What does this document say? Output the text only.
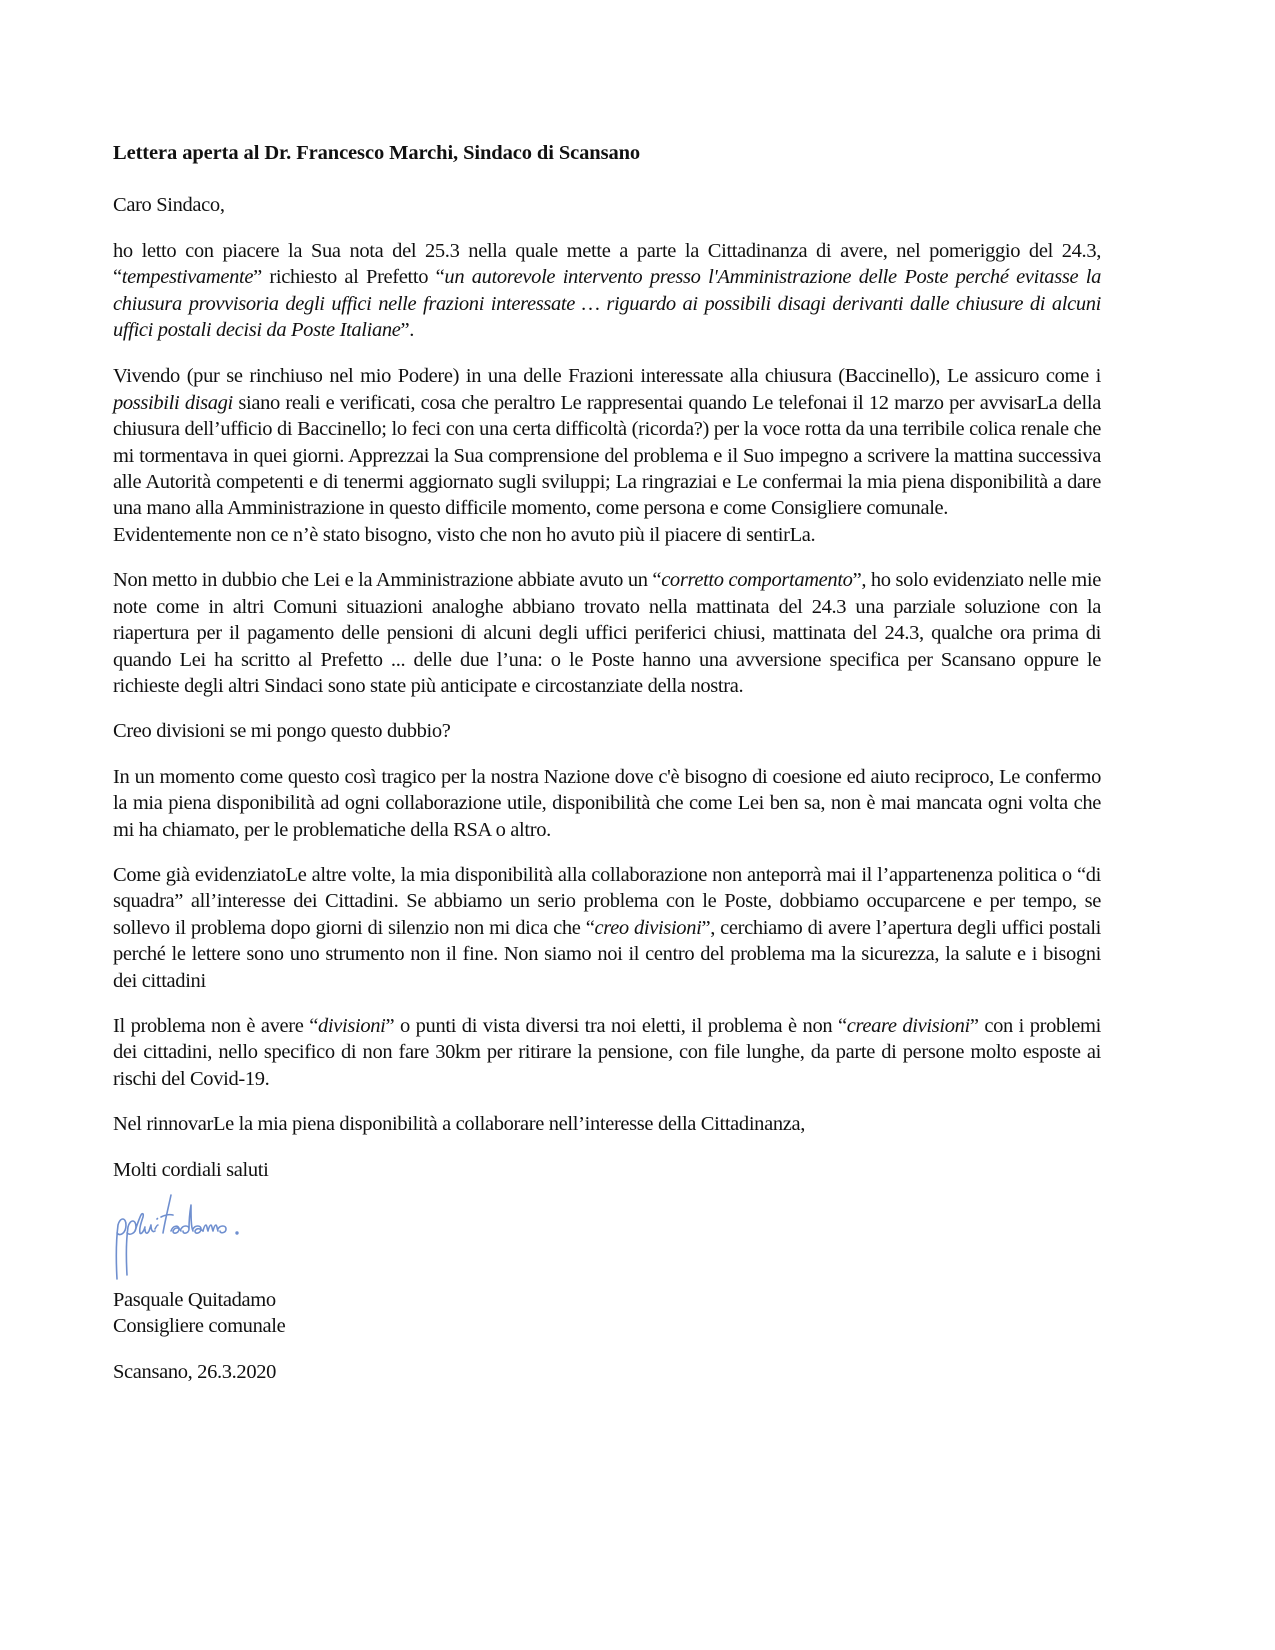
Lettera aperta al Dr. Francesco Marchi, Sindaco di Scansano

Caro Sindaco,

ho letto con piacere la Sua nota del 25.3 nella quale mette a parte la Cittadinanza di avere, nel pomeriggio del 24.3, “tempestivamente” richiesto al Prefetto “un autorevole intervento presso l'Amministrazione delle Poste perché evitasse la chiusura provvisoria degli uffici nelle frazioni interessate … riguardo ai possibili disagi derivanti dalle chiusure di alcuni uffici postali decisi da Poste Italiane”.

Vivendo (pur se rinchiuso nel mio Podere) in una delle Frazioni interessate alla chiusura (Baccinello), Le assicuro come i possibili disagi siano reali e verificati, cosa che peraltro Le rappresentai quando Le telefonai il 12 marzo per avvisarLa della chiusura dell’ufficio di Baccinello; lo feci con una certa difficoltà (ricorda?) per la voce rotta da una terribile colica renale che mi tormentava in quei giorni. Apprezzai la Sua comprensione del problema e il Suo impegno a scrivere la mattina successiva alle Autorità competenti e di tenermi aggiornato sugli sviluppi; La ringraziai e Le confermai la mia piena disponibilità a dare una mano alla Amministrazione in questo difficile momento, come persona e come Consigliere comunale.

Evidentemente non ce n’è stato bisogno, visto che non ho avuto più il piacere di sentirLa.

Non metto in dubbio che Lei e la Amministrazione abbiate avuto un “corretto comportamento”, ho solo evidenziato nelle mie note come in altri Comuni situazioni analoghe abbiano trovato nella mattinata del 24.3 una parziale soluzione con la riapertura per il pagamento delle pensioni di alcuni degli uffici periferici chiusi, mattinata del 24.3, qualche ora prima di quando Lei ha scritto al Prefetto ... delle due l’una: o le Poste hanno una avversione specifica per Scansano oppure le richieste degli altri Sindaci sono state più anticipate e circostanziate della nostra.

Creo divisioni se mi pongo questo dubbio?

In un momento come questo così tragico per la nostra Nazione dove c'è bisogno di coesione ed aiuto reciproco, Le confermo la mia piena disponibilità ad ogni collaborazione utile, disponibilità che come Lei ben sa, non è mai mancata ogni volta che mi ha chiamato, per le problematiche della RSA o altro.

Come già evidenziatoLe altre volte, la mia disponibilità alla collaborazione non anteporrà mai il l’appartenenza politica o “di squadra” all’interesse dei Cittadini. Se abbiamo un serio problema con le Poste, dobbiamo occuparcene e per tempo, se sollevo il problema dopo giorni di silenzio non mi dica che “creo divisioni”, cerchiamo di avere l’apertura degli uffici postali perché le lettere sono uno strumento non il fine. Non siamo noi il centro del problema ma la sicurezza, la salute e i bisogni dei cittadini

Il problema non è avere “divisioni” o punti di vista diversi tra noi eletti, il problema è non “creare divisioni” con i problemi dei cittadini, nello specifico di non fare 30km per ritirare la pensione, con file lunghe, da parte di persone molto esposte ai rischi del Covid-19.

Nel rinnovarLe la mia piena disponibilità a collaborare nell’interesse della Cittadinanza,

Molti cordiali saluti

Pasquale Quitadamo

Consigliere comunale

Scansano, 26.3.2020
